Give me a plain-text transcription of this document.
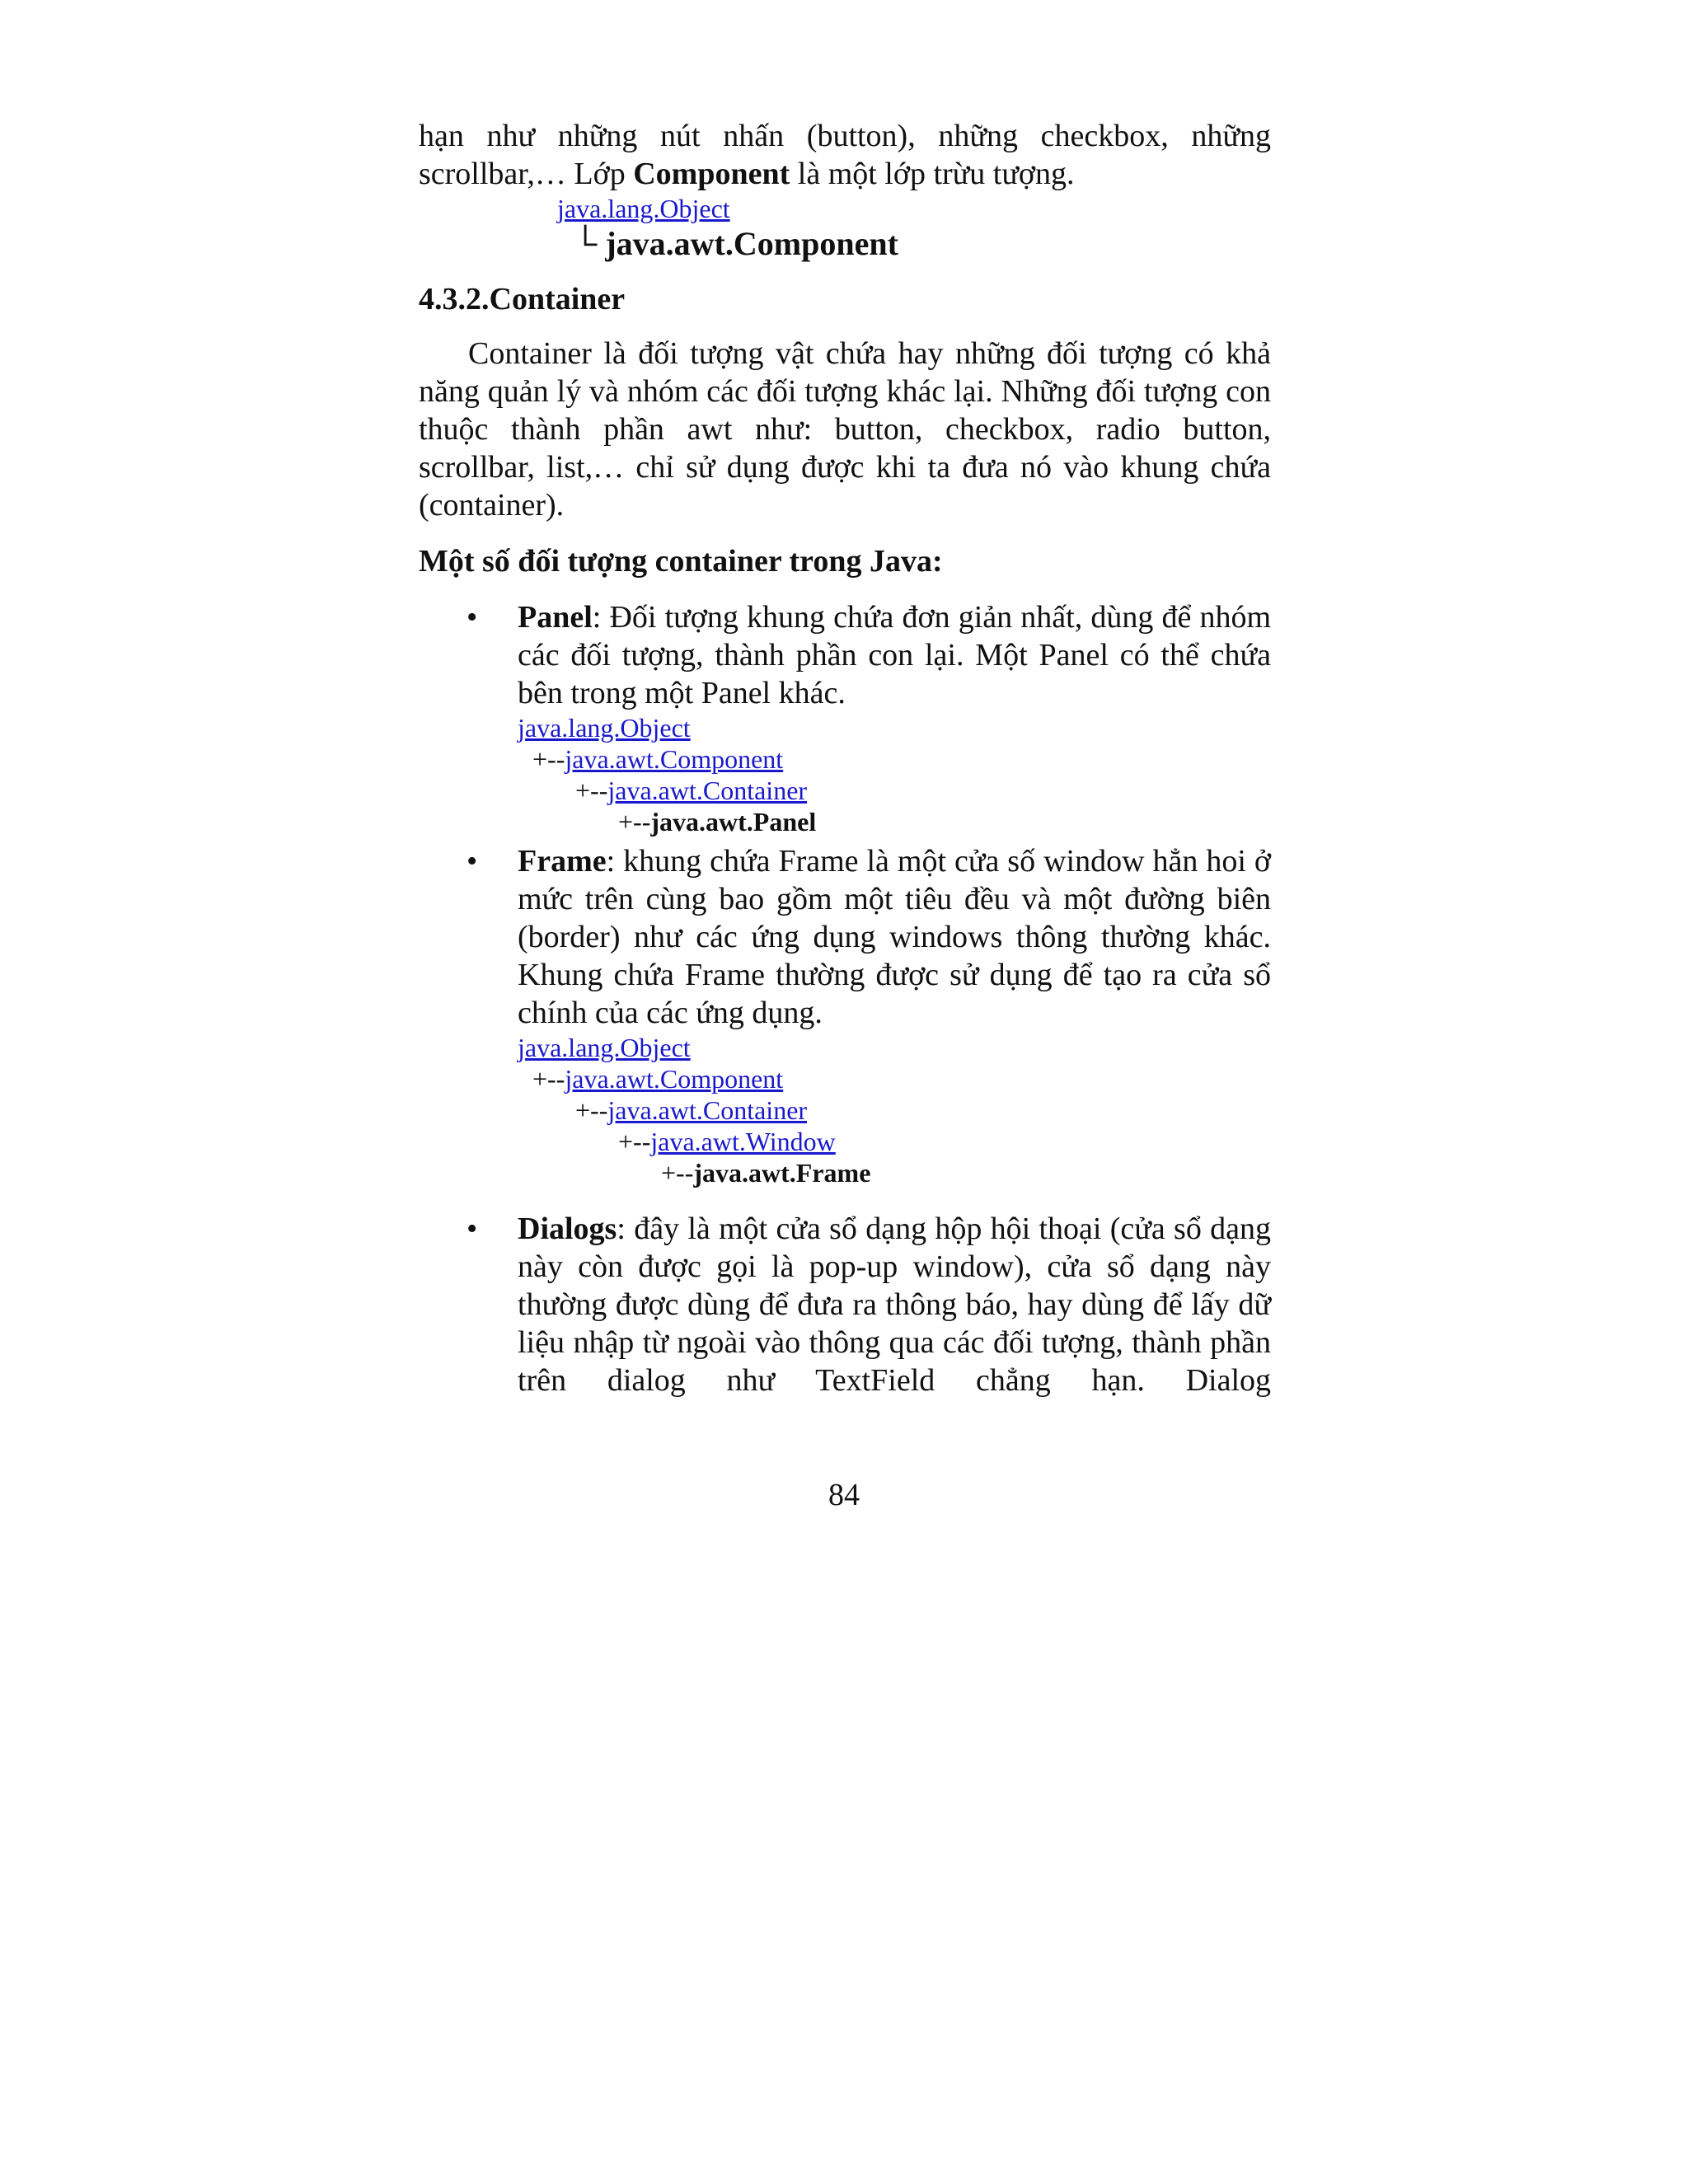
hạn như những nút nhấn (button), những checkbox, những

scrollbar,… Lớp Component là một lớp trừu tượng.

java.lang.Object
└ java.awt.Component

4.3.2.Container

Container là đối tượng vật chứa hay những đối tượng có khả năng quản lý và nhóm các đối tượng khác lại. Những đối tượng con thuộc thành phần awt như: button, checkbox, radio button, scrollbar, list,… chỉ sử dụng được khi ta đưa nó vào khung chứa (container).

Một số đối tượng container trong Java:

• Panel: Đối tượng khung chứa đơn giản nhất, dùng để nhóm các đối tượng, thành phần con lại. Một Panel có thể chứa bên trong một Panel khác.

java.lang.Object
+--java.awt.Component
+--java.awt.Container
+--java.awt.Panel
• Frame: khung chứa Frame là một cửa số window hẳn hoi ở mức trên cùng bao gồm một tiêu đều và một đường biên (border) như các ứng dụng windows thông thường khác. Khung chứa Frame thường được sử dụng để tạo ra cửa sổ chính của các ứng dụng.

java.lang.Object
+--java.awt.Component
+--java.awt.Container
+--java.awt.Window
+--java.awt.Frame
• Dialogs: đây là một cửa sổ dạng hộp hội thoại (cửa sổ dạng này còn được gọi là pop-up window), cửa sổ dạng này thường được dùng để đưa ra thông báo, hay dùng để lấy dữ liệu nhập từ ngoài vào thông qua các đối tượng, thành phần trên dialog như TextField chẳng hạn. Dialog

84
